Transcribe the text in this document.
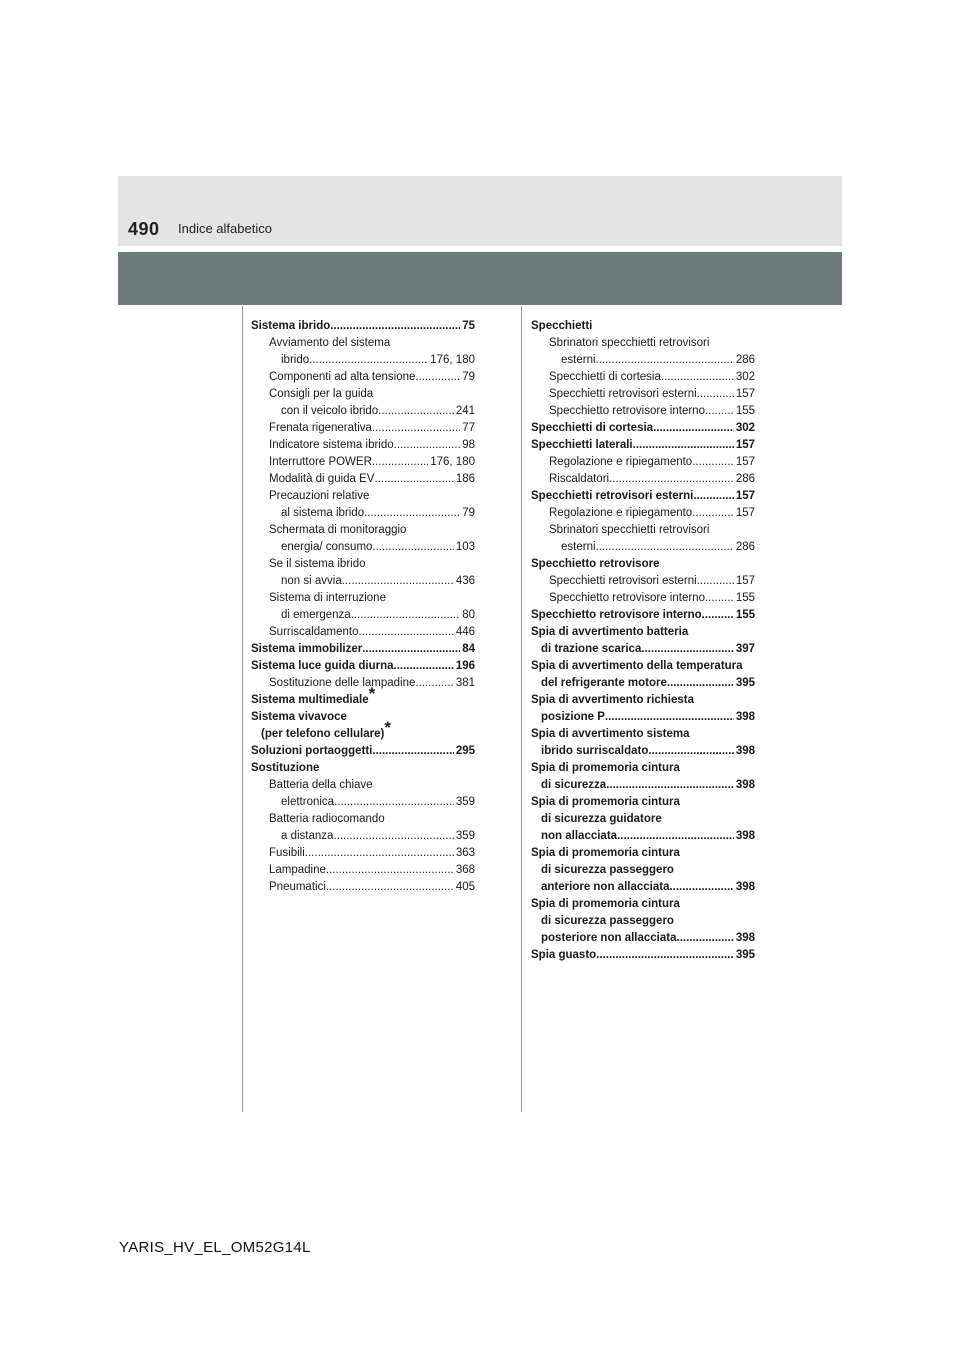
490 Indice alfabetico
Sistema ibrido .....	75
Avviamento del sistema
ibrido .....	176, 180
Componenti ad alta tensione .....	79
Consigli per la guida
con il veicolo ibrido .....	241
Frenata rigenerativa .....	77
Indicatore sistema ibrido .....	98
Interruttore POWER .....	176, 180
Modalità di guida EV .....	186
Precauzioni relative
al sistema ibrido .....	79
Schermata di monitoraggio
energia/ consumo .....	103
Se il sistema ibrido
non si avvia .....	436
Sistema di interruzione
di emergenza .....	80
Surriscaldamento .....	446
Sistema immobilizer .....	84
Sistema luce guida diurna .....	196
Sostituzione delle lampadine .....	381
Sistema multimediale*
Sistema vivavoce
(per telefono cellulare)*
Soluzioni portaoggetti .....	295
Sostituzione
Batteria della chiave
elettronica .....	359
Batteria radiocomando
a distanza .....	359
Fusibili .....	363
Lampadine .....	368
Pneumatici .....	405
Specchietti
Sbrinatori specchietti retrovisori
esterni .....	286
Specchietti di cortesia .....	302
Specchietti retrovisori esterni .....	157
Specchietto retrovisore interno .....	155
Specchietti di cortesia .....	302
Specchietti laterali .....	157
Regolazione e ripiegamento .....	157
Riscaldatori .....	286
Specchietti retrovisori esterni .....	157
Regolazione e ripiegamento .....	157
Sbrinatori specchietti retrovisori
esterni .....	286
Specchietto retrovisore
Specchietti retrovisori esterni .....	157
Specchietto retrovisore interno .....	155
Specchietto retrovisore interno .....	155
Spia di avvertimento batteria
di trazione scarica .....	397
Spia di avvertimento della temperatura
del refrigerante motore .....	395
Spia di avvertimento richiesta
posizione P .....	398
Spia di avvertimento sistema
ibrido surriscaldato .....	398
Spia di promemoria cintura
di sicurezza .....	398
Spia di promemoria cintura
di sicurezza guidatore
non allacciata .....	398
Spia di promemoria cintura
di sicurezza passeggero
anteriore non allacciata .....	398
Spia di promemoria cintura
di sicurezza passeggero
posteriore non allacciata .....	398
Spia guasto .....	395
YARIS_HV_EL_OM52G14L
